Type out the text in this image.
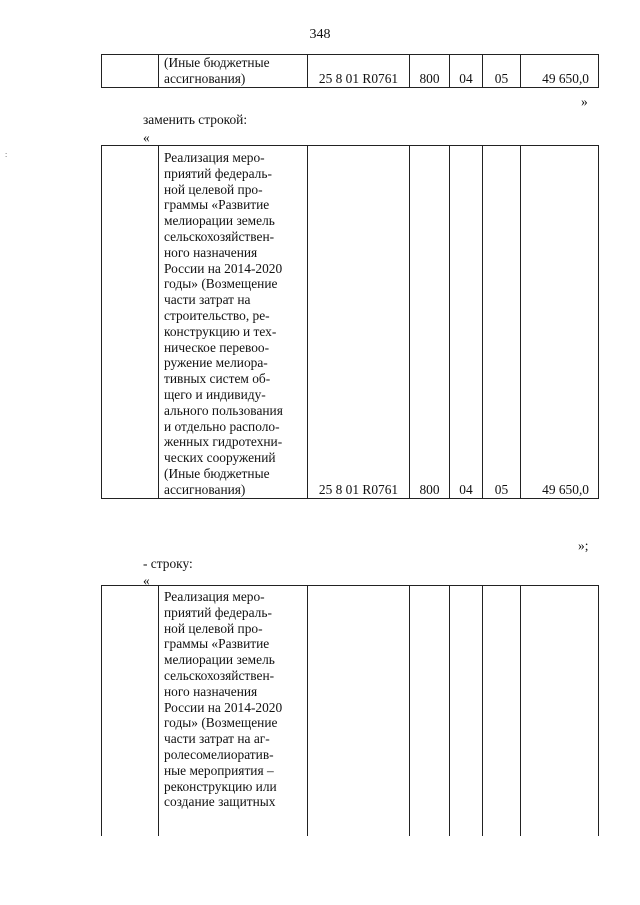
348
	(Иные бюджетные
ассигнования)	25 8 01 R0761	800	04	05	49 650,0
»
заменить строкой:
«
:
		Реализация меро-
приятий федераль-
ной целевой про-
граммы «Развитие
мелиорации земель
сельскохозяйствен-
ного назначения
России на 2014-2020
годы» (Возмещение
части затрат на
строительство, ре-
конструкцию и тех-
ническое перевоо-
ружение мелиора-
тивных систем об-
щего и индивиду-
ального пользования
и отдельно располо-
женных гидротехни-
ческих сооружений
(Иные бюджетные
ассигнования)	25 8 01 R0761	800	04	05	49 650,0
»;
- строку:
«
	Реализация меро-
приятий федераль-
ной целевой про-
граммы «Развитие
мелиорации земель
сельскохозяйствен-
ного назначения
России на 2014-2020
годы» (Возмещение
части затрат на аг-
ролесомелиоратив-
ные мероприятия –
реконструкцию или
создание защитных					
